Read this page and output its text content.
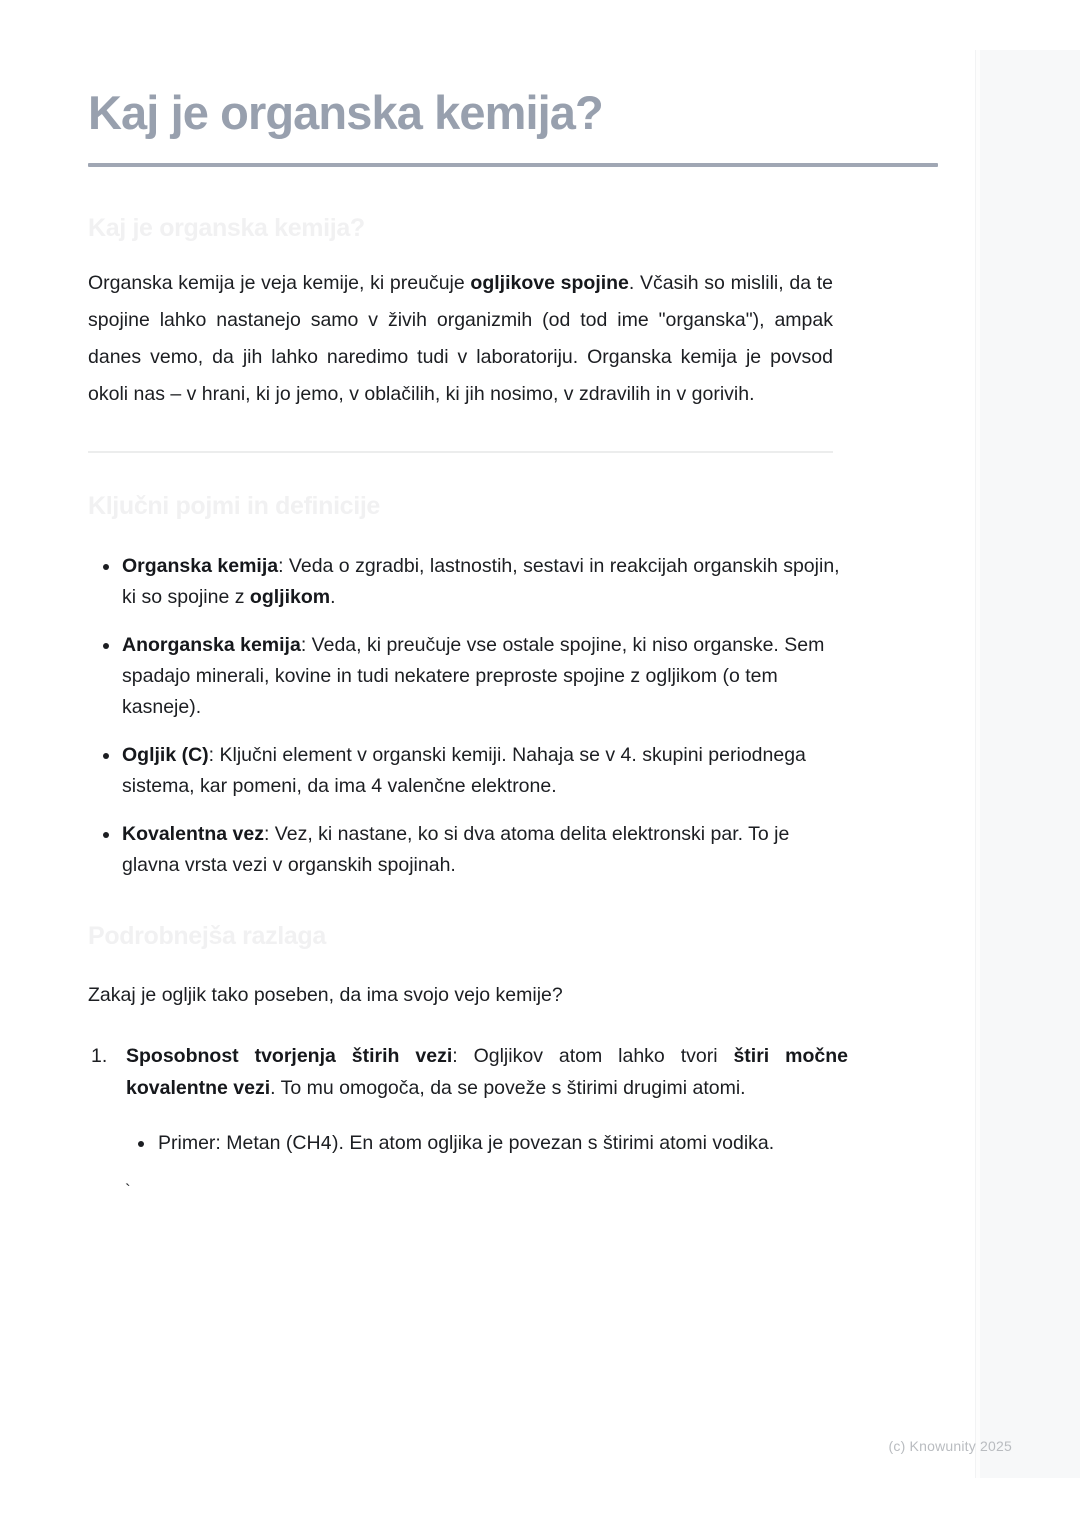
Kaj je organska kemija?
Kaj je organska kemija?

Organska kemija je veja kemije, ki preučuje ogljikove spojine. Včasih so mislili, da te spojine lahko nastanejo samo v živih organizmih (od tod ime "organska"), ampak danes vemo, da jih lahko naredimo tudi v laboratoriju. Organska kemija je povsod okoli nas – v hrani, ki jo jemo, v oblačilih, ki jih nosimo, v zdravilih in v gorivih.

Ključni pojmi in definicije
Organska kemija: Veda o zgradbi, lastnostih, sestavi in reakcijah organskih spojin, ki so spojine z ogljikom.
Anorganska kemija: Veda, ki preučuje vse ostale spojine, ki niso organske. Sem spadajo minerali, kovine in tudi nekatere preproste spojine z ogljikom (o tem kasneje).
Ogljik (C): Ključni element v organski kemiji. Nahaja se v 4. skupini periodnega sistema, kar pomeni, da ima 4 valenčne elektrone.
Kovalentna vez: Vez, ki nastane, ko si dva atoma delita elektronski par. To je glavna vrsta vezi v organskih spojinah.
Podrobnejša razlaga

Zakaj je ogljik tako poseben, da ima svojo vejo kemije?

Sposobnost tvorjenja štirih vezi: Ogljikov atom lahko tvori štiri močne kovalentne vezi. To mu omogoča, da se poveže s štirimi drugimi atomi.
Primer: Metan (CH4). En atom ogljika je povezan s štirimi atomi vodika.
`
(c) Knowunity 2025
